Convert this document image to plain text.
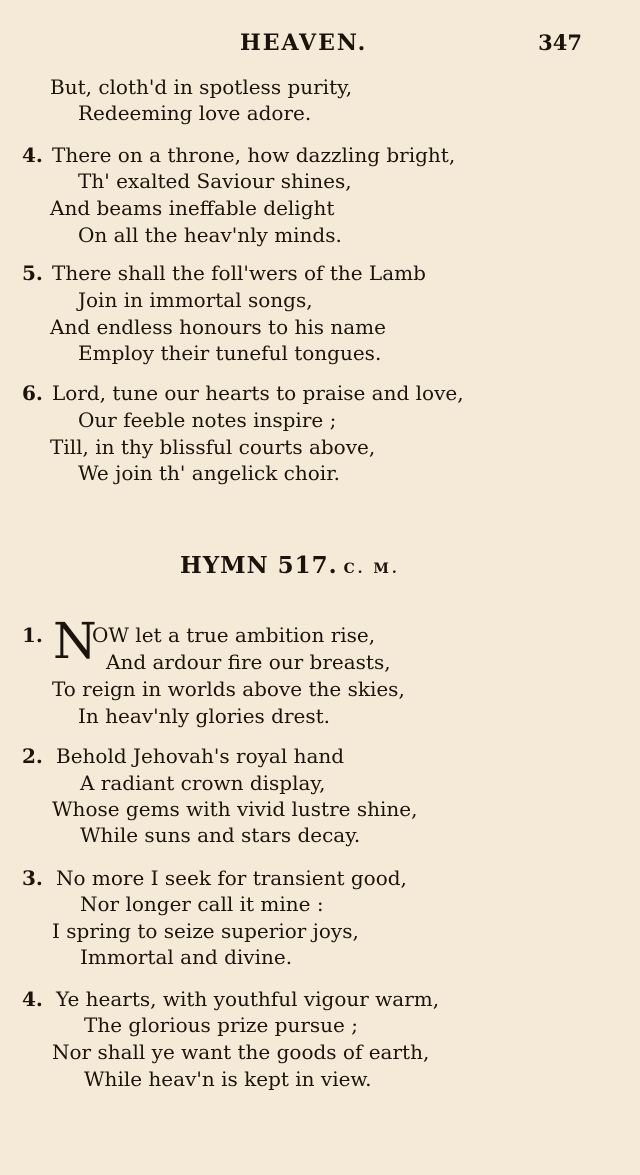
HEAVEN.	347
But, cloth'd in spotless purity,
Redeeming love adore.
4. There on a throne, how dazzling bright,
Th' exalted Saviour shines,
And beams ineffable delight
On all the heav'nly minds.
5. There shall the foll'wers of the Lamb
Join in immortal songs,
And endless honours to his name
Employ their tuneful tongues.
6. Lord, tune our hearts to praise and love,
Our feeble notes inspire ;
Till, in thy blissful courts above,
We join th' angelick choir.
HYMN 517. C. M.
1. N
OW let a true ambition rise,
And ardour fire our breasts,
To reign in worlds above the skies,
In heav'nly glories drest.
2. Behold Jehovah's royal hand
A radiant crown display,
Whose gems with vivid lustre shine,
While suns and stars decay.
3. No more I seek for transient good,
Nor longer call it mine :
I spring to seize superior joys,
Immortal and divine.
4. Ye hearts, with youthful vigour warm,
The glorious prize pursue ;
Nor shall ye want the goods of earth,
While heav'n is kept in view.
